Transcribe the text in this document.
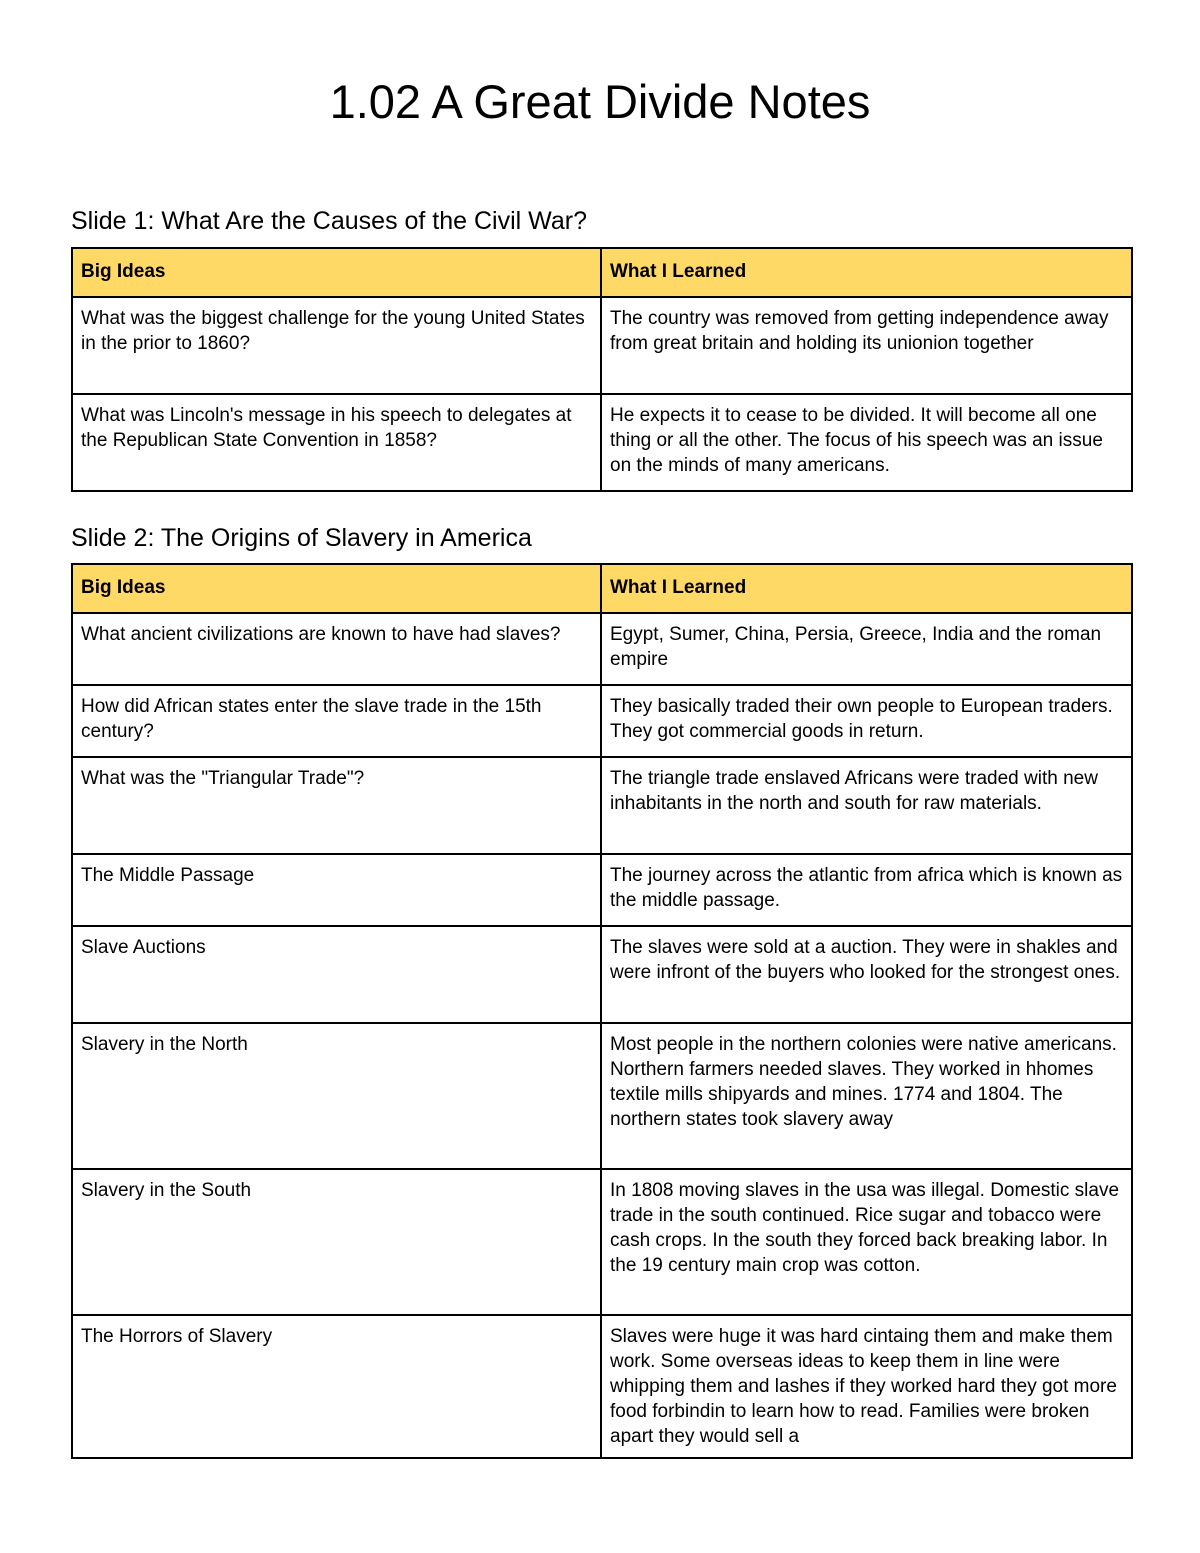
1.02 A Great Divide Notes
Slide 1: What Are the Causes of the Civil War?
Big Ideas	What I Learned
What was the biggest challenge for the young United States in the prior to 1860?	The country was removed from getting independence away from great britain and holding its unionion together
What was Lincoln's message in his speech to delegates at the Republican State Convention in 1858?	He expects it to cease to be divided. It will become all one thing or all the other. The focus of his speech was an issue on the minds of many americans.
Slide 2: The Origins of Slavery in America
Big Ideas	What I Learned
What ancient civilizations are known to have had slaves?	Egypt, Sumer, China, Persia, Greece, India and the roman empire
How did African states enter the slave trade in the 15th century?	They basically traded their own people to European traders. They got commercial goods in return.
What was the "Triangular Trade"?	The triangle trade enslaved Africans were traded with new inhabitants in the north and south for raw materials.
The Middle Passage	The journey across the atlantic from africa which is known as the middle passage.
Slave Auctions	The slaves were sold at a auction. They were in shakles and were infront of the buyers who looked for the strongest ones.
Slavery in the North	Most people in the northern colonies were native americans. Northern farmers needed slaves. They worked in hhomes textile mills shipyards and mines. 1774 and 1804. The northern states took slavery away
Slavery in the South	In 1808 moving slaves in the usa was illegal. Domestic slave trade in the south continued. Rice sugar and tobacco were cash crops. In the south they forced back breaking labor. In the 19 century main crop was cotton.
The Horrors of Slavery	Slaves were huge it was hard cintaing them and make them work. Some overseas ideas to keep them in line were whipping them and lashes if they worked hard they got more food forbindin to learn how to read. Families were broken apart they would sell a
